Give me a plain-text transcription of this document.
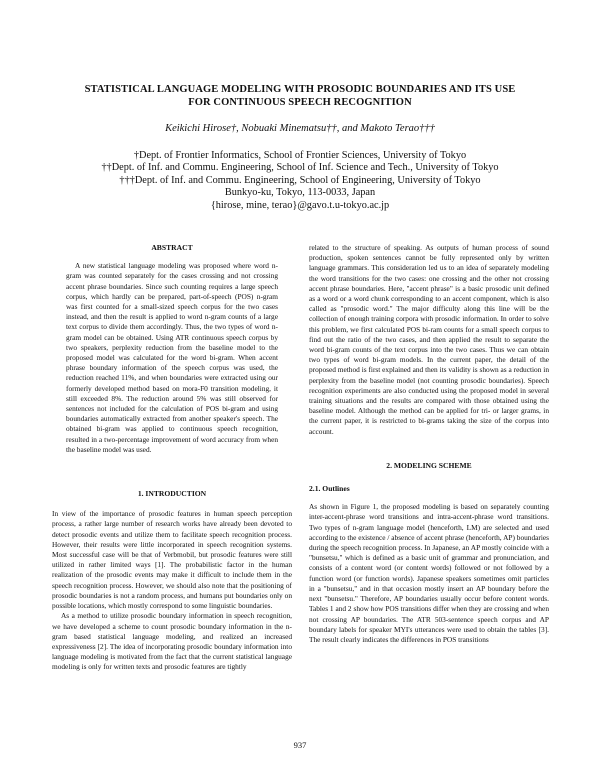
STATISTICAL LANGUAGE MODELING WITH PROSODIC BOUNDARIES AND ITS USE
FOR CONTINUOUS SPEECH RECOGNITION
Keikichi Hirose†, Nobuaki Minematsu††, and Makoto Terao†††
†Dept. of Frontier Informatics, School of Frontier Sciences, University of Tokyo
††Dept. of Inf. and Commu. Engineering, School of Inf. Science and Tech., University of Tokyo
†††Dept. of Inf. and Commu. Engineering, School of Engineering, University of Tokyo
Bunkyo-ku, Tokyo, 113-0033, Japan
{hirose, mine, terao}@gavo.t.u-tokyo.ac.jp
ABSTRACT

A new statistical language modeling was proposed where word n-gram was counted separately for the cases crossing and not crossing accent phrase boundaries. Since such counting requires a large speech corpus, which hardly can be prepared, part-of-speech (POS) n-gram was first counted for a small-sized speech corpus for the two cases instead, and then the result is applied to word n-gram counts of a large text corpus to divide them accordingly. Thus, the two types of word n-gram model can be obtained. Using ATR continuous speech corpus by two speakers, perplexity reduction from the baseline model to the proposed model was calculated for the word bi-gram. When accent phrase boundary information of the speech corpus was used, the reduction reached 11%, and when boundaries were extracted using our formerly developed method based on mora-F0 transition modeling, it still exceeded 8%. The reduction around 5% was still observed for sentences not included for the calculation of POS bi-gram and using boundaries automatically extracted from another speaker's speech. The obtained bi-gram was applied to continuous speech recognition, resulted in a two-percentage improvement of word accuracy from when the baseline model was used.

1. INTRODUCTION

In view of the importance of prosodic features in human speech perception process, a rather large number of research works have already been devoted to detect prosodic events and utilize them to facilitate speech recognition process. However, their results were little incorporated in speech recognition systems. Most successful case will be that of Verbmobil, but prosodic features were still utilized in rather limited ways [1]. The probabilistic factor in the human realization of the prosodic events may make it difficult to include them in the speech recognition process. However, we should also note that the positioning of prosodic boundaries is not a random process, and humans put boundaries only on possible locations, which mostly correspond to some linguistic boundaries.

As a method to utilize prosodic boundary information in speech recognition, we have developed a scheme to count prosodic boundary information in the n-gram based statistical language modeling, and realized an increased expressiveness [2]. The idea of incorporating prosodic boundary information into language modeling is motivated from the fact that the current statistical language modeling is only for written texts and prosodic features are tightly

related to the structure of speaking. As outputs of human process of sound production, spoken sentences cannot be fully represented only by written language grammars. This consideration led us to an idea of separately modeling the word transitions for the two cases: one crossing and the other not crossing accent phrase boundaries. Here, "accent phrase" is a basic prosodic unit defined as a word or a word chunk corresponding to an accent component, which is also called as "prosodic word." The major difficulty along this line will be the collection of enough training corpora with prosodic information. In order to solve this problem, we first calculated POS bi-ram counts for a small speech corpus to find out the ratio of the two cases, and then applied the result to separate the word bi-gram counts of the text corpus into the two cases. Thus we can obtain two types of word bi-gram models. In the current paper, the detail of the proposed method is first explained and then its validity is shown as a reduction in perplexity from the baseline model (not counting prosodic boundaries). Speech recognition experiments are also conducted using the proposed model in several training situations and the results are compared with those obtained using the baseline model. Although the method can be applied for tri- or larger grams, in the current paper, it is restricted to bi-grams taking the size of the corpus into account.

2. MODELING SCHEME
2.1. Outlines

As shown in Figure 1, the proposed modeling is based on separately counting inter-accent-phrase word transitions and intra-accent-phrase word transitions. Two types of n-gram language model (henceforth, LM) are selected and used according to the existence / absence of accent phrase (henceforth, AP) boundaries during the speech recognition process. In Japanese, an AP mostly coincide with a "bunsetsu," which is defined as a basic unit of grammar and pronunciation, and consists of a content word (or content words) followed or not followed by a function word (or function words). Japanese speakers sometimes omit particles in a "bunsetsu," and in that occasion mostly insert an AP boundary before the next "bunsetsu." Therefore, AP boundaries usually occur before content words. Tables 1 and 2 show how POS transitions differ when they are crossing and when not crossing AP boundaries. The ATR 503-sentence speech corpus and AP boundary labels for speaker MYI's utterances were used to obtain the tables [3]. The result clearly indicates the differences in POS transitions

937
